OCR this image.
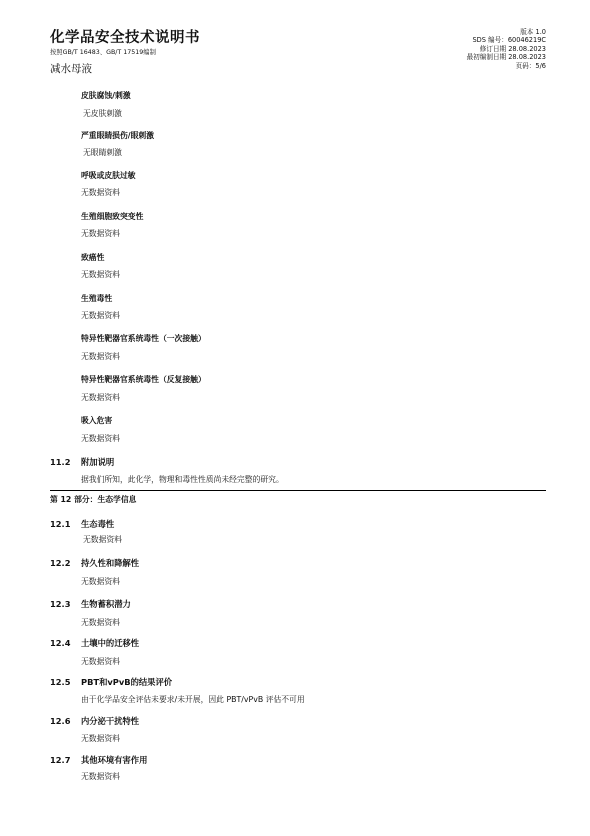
化学品安全技术说明书
按照GB/T 16483、GB/T 17519编制
减水母液
版本 1.0
SDS 编号：60046219C
修订日期 28.08.2023
最初编制日期 28.08.2023
页码：5/6
皮肤腐蚀/刺激
无皮肤刺激
严重眼睛损伤/眼刺激
无眼睛刺激
呼吸或皮肤过敏
无数据资料
生殖细胞致突变性
无数据资料
致癌性
无数据资料
生殖毒性
无数据资料
特异性靶器官系统毒性（一次接触）
无数据资料
特异性靶器官系统毒性（反复接触）
无数据资料
吸入危害
无数据资料
11.2 附加说明
据我们所知，此化学，物理和毒性性质尚未经完整的研究。
第 12 部分：生态学信息
12.1 生态毒性
无数据资料
12.2 持久性和降解性
无数据资料
12.3 生物蓄积潜力
无数据资料
12.4 土壤中的迁移性
无数据资料
12.5 PBT和vPvB的结果评价
由于化学品安全评估未要求/未开展，因此 PBT/vPvB 评估不可用
12.6 内分泌干扰特性
无数据资料
12.7 其他环境有害作用
无数据资料
